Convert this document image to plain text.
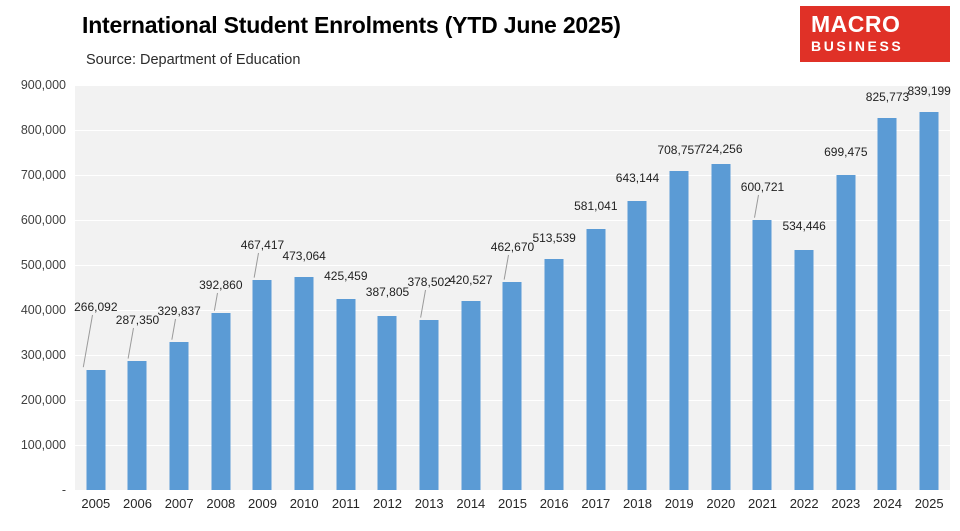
International Student Enrolments (YTD June 2025)
Source: Department of Education
MACRO
BUSINESS
-
100,000
200,000
300,000
400,000
500,000
600,000
700,000
800,000
900,000
266,092
287,350
329,837
392,860
467,417
473,064
425,459
387,805
378,502
420,527
462,670
513,539
581,041
643,144
708,757
724,256
600,721
534,446
699,475
825,773
839,199
2005 2006 2007 2008 2009 2010 2011 2012 2013 2014 2015 2016 2017 2018 2019 2020 2021 2022 2023 2024 2025
